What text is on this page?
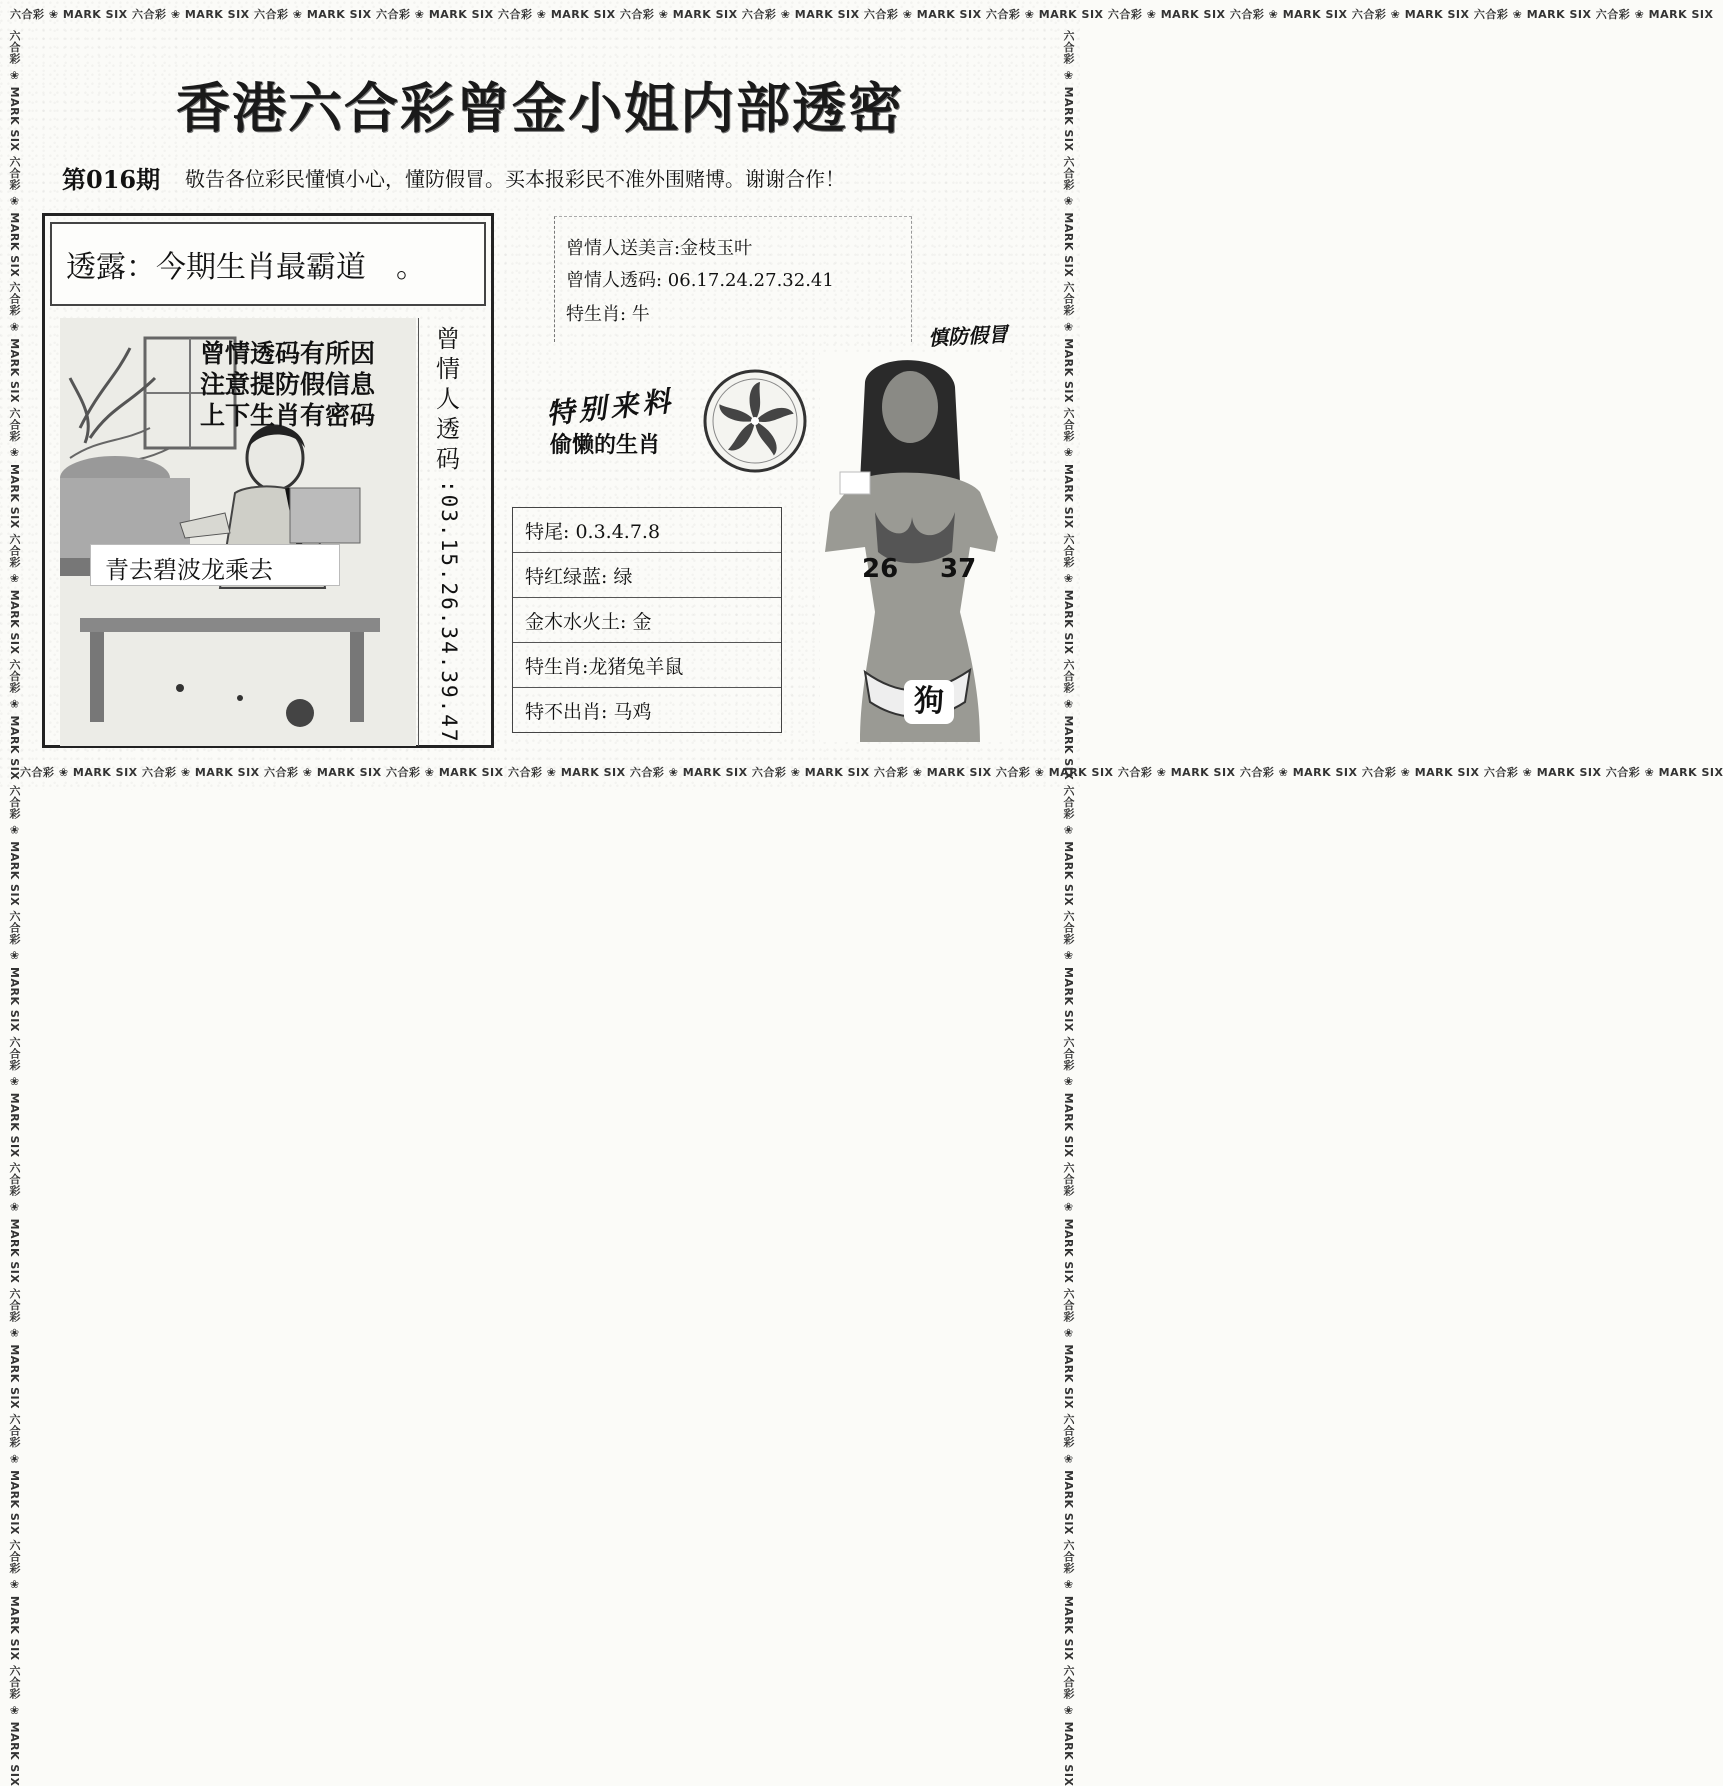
六合彩 ❀ MARK SIX 六合彩 ❀ MARK SIX 六合彩 ❀ MARK SIX 六合彩 ❀ MARK SIX 六合彩 ❀ MARK SIX 六合彩 ❀ MARK SIX 六合彩 ❀ MARK SIX 六合彩 ❀ MARK SIX 六合彩 ❀ MARK SIX 六合彩 ❀ MARK SIX 六合彩 ❀ MARK SIX 六合彩 ❀ MARK SIX 六合彩 ❀ MARK SIX 六合彩 ❀ MARK SIX
六合彩 ❀ MARK SIX 六合彩 ❀ MARK SIX 六合彩 ❀ MARK SIX 六合彩 ❀ MARK SIX 六合彩 ❀ MARK SIX 六合彩 ❀ MARK SIX 六合彩 ❀ MARK SIX 六合彩 ❀ MARK SIX 六合彩 ❀ MARK SIX 六合彩 ❀ MARK SIX 六合彩 ❀ MARK SIX 六合彩 ❀ MARK SIX 六合彩 ❀ MARK SIX 六合彩 ❀ MARK SIX
六合彩 ❀ MARK SIX 六合彩 ❀ MARK SIX 六合彩 ❀ MARK SIX 六合彩 ❀ MARK SIX 六合彩 ❀ MARK SIX 六合彩 ❀ MARK SIX 六合彩 ❀ MARK SIX 六合彩 ❀ MARK SIX 六合彩 ❀ MARK SIX 六合彩 ❀ MARK SIX 六合彩 ❀ MARK SIX 六合彩 ❀ MARK SIX 六合彩 ❀ MARK SIX 六合彩 ❀ MARK SIX	六合彩 ❀ MARK SIX 六合彩 ❀ MARK SIX 六合彩 ❀ MARK SIX 六合彩 ❀ MARK SIX 六合彩 ❀ MARK SIX 六合彩 ❀ MARK SIX 六合彩 ❀ MARK SIX 六合彩 ❀ MARK SIX 六合彩 ❀ MARK SIX 六合彩 ❀ MARK SIX 六合彩 ❀ MARK SIX 六合彩 ❀ MARK SIX 六合彩 ❀ MARK SIX 六合彩 ❀ MARK SIX
香港六合彩曾金小姐内部透密
第016期 敬告各位彩民懂慎小心，懂防假冒。买本报彩民不准外围赌博。谢谢合作！
透露：今期生肖最霸道　。
曾情透码有所因
注意提防假信息
上下生肖有密码
青去碧波龙乘去
曾
情
人
透
码
:03.15.26.34.39.47
曾情人送美言:金枝玉叶
曾情人透码: 06.17.24.27.32.41
特生肖: 牛
慎防假冒
特别来料
偷懒的生肖
特尾: 0.3.4.7.8
特红绿蓝: 绿
金木水火土: 金
特生肖:龙猪兔羊鼠
特不出肖: 马鸡
26 37
狗
